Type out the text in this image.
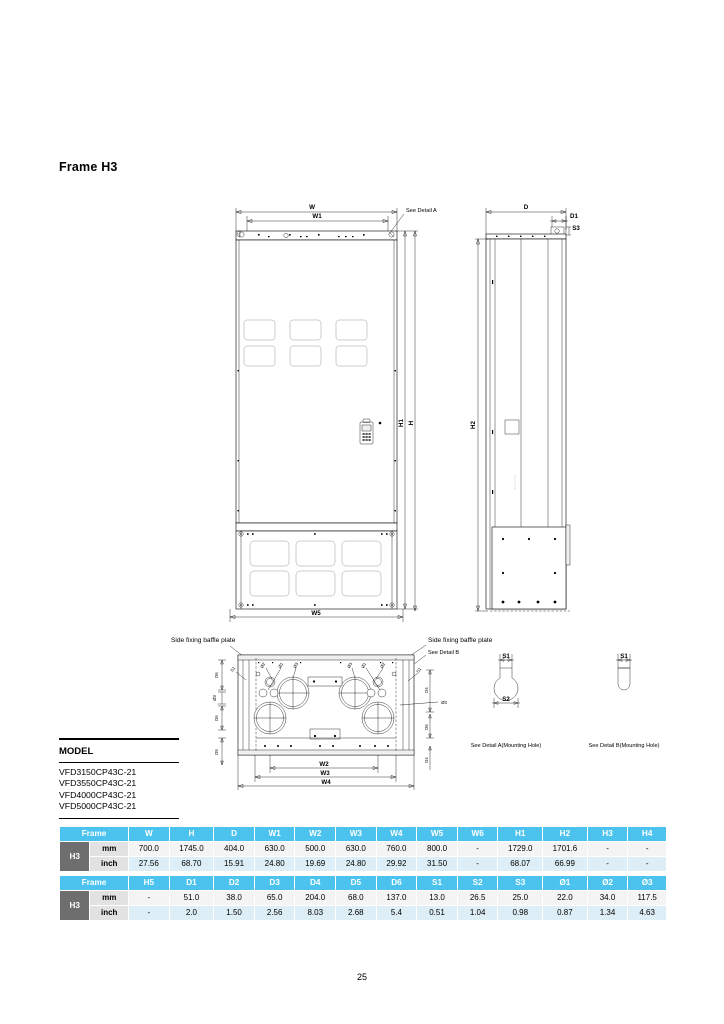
Frame H3
W
W1
See Detail A
H1 H
W5
D
D1
S3
H2
Side fixing baffle plate	Side fixing baffle plate
See Detail B
Ø2	Ø1 Ø3	Ø3 Ø1	Ø2
S1	S1
D6
Ø3
D6
D5
D4
Ø3
D6
D4
W2
W3
W4
S1
S2
See Detail A(Mounting Hole)
S1
See Detail B(Mounting Hole)
MODEL
VFD3150CP43C-21
VFD3550CP43C-21
VFD4000CP43C-21
VFD5000CP43C-21
Frame		W	H	D	W1	W2	W3	W4	W5	W6	H1	H2	H3	H4
H3	mm	700.0	1745.0	404.0	630.0	500.0	630.0	760.0	800.0	-	1729.0	1701.6	-	-
	inch	27.56	68.70	15.91	24.80	19.69	24.80	29.92	31.50	-	68.07	66.99	-	-
Frame		H5	D1	D2	D3	D4	D5	D6	S1	S2	S3	Ø1	Ø2	Ø3
H3	mm	-	51.0	38.0	65.0	204.0	68.0	137.0	13.0	26.5	25.0	22.0	34.0	117.5
	inch	-	2.0	1.50	2.56	8.03	2.68	5.4	0.51	1.04	0.98	0.87	1.34	4.63
25
